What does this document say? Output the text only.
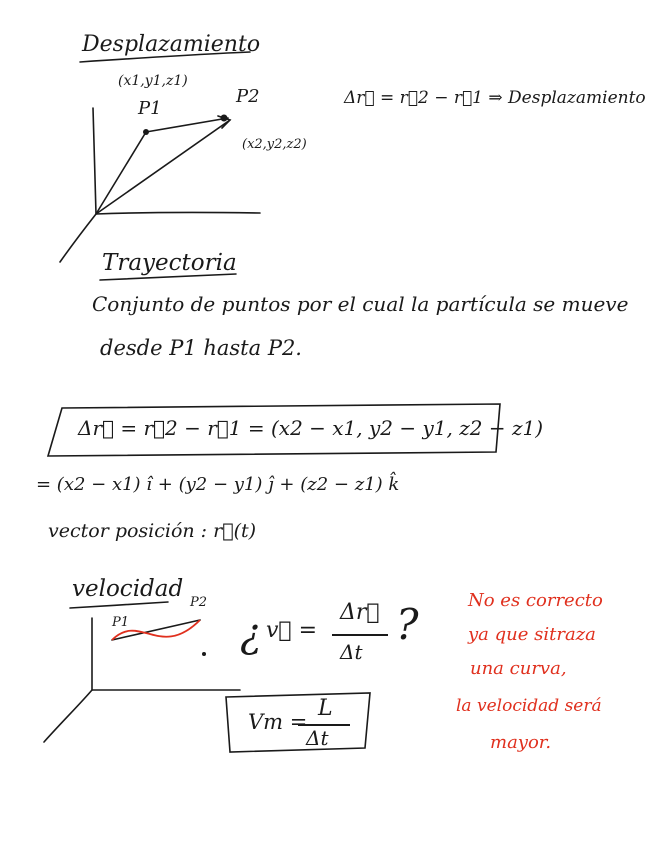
Desplazamiento
(x1,y1,z1)
P1
P2
(x2,y2,z2)
Δr⃗ = r⃗2 − r⃗1 ⇒ Desplazamiento
Trayectoria
Conjunto de puntos por el cual la partícula se mueve
desde P1 hasta P2.
Δr⃗ = r⃗2 − r⃗1 = (x2 − x1, y2 − y1, z2 − z1)
= (x2 − x1) î + (y2 − y1) ĵ + (z2 − z1) k̂
vector posición : r⃗(t)
velocidad
P1
P2
¿ v⃗ =
Δr⃗
Δt
?
Vm =
L
Δt
No es correcto
ya que sitraza
una curva,
la velocidad será
mayor.
